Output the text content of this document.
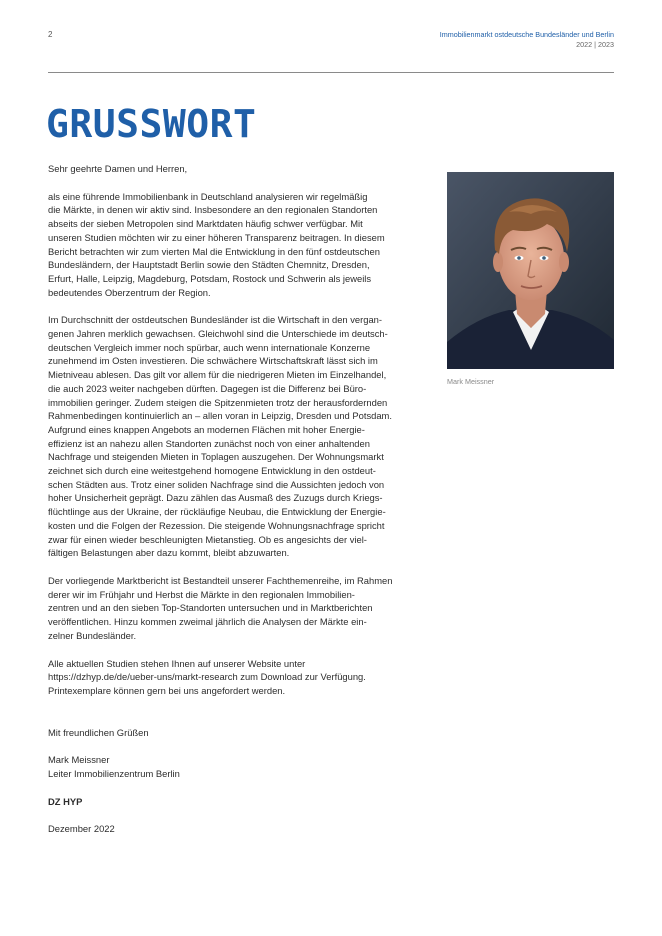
2	Immobilienmarkt ostdeutsche Bundesländer und Berlin
2022 | 2023
GRUSSWORT

Sehr geehrte Damen und Herren,

als eine führende Immobilienbank in Deutschland analysieren wir regelmäßig

die Märkte, in denen wir aktiv sind. Insbesondere an den regionalen Standorten

abseits der sieben Metropolen sind Marktdaten häufig schwer verfügbar. Mit

unseren Studien möchten wir zu einer höheren Transparenz beitragen. In diesem

Bericht betrachten wir zum vierten Mal die Entwicklung in den fünf ostdeutschen

Bundesländern, der Hauptstadt Berlin sowie den Städten Chemnitz, Dresden,

Erfurt, Halle, Leipzig, Magdeburg, Potsdam, Rostock und Schwerin als jeweils

bedeutendes Oberzentrum der Region.

Im Durchschnitt der ostdeutschen Bundesländer ist die Wirtschaft in den vergan-

genen Jahren merklich gewachsen. Gleichwohl sind die Unterschiede im deutsch-

deutschen Vergleich immer noch spürbar, auch wenn internationale Konzerne

zunehmend im Osten investieren. Die schwächere Wirtschaftskraft lässt sich im

Mietniveau ablesen. Das gilt vor allem für die niedrigeren Mieten im Einzelhandel,

die auch 2023 weiter nachgeben dürften. Dagegen ist die Differenz bei Büro-

immobilien geringer. Zudem steigen die Spitzenmieten trotz der herausfordernden

Rahmenbedingen kontinuierlich an – allen voran in Leipzig, Dresden und Potsdam.

Aufgrund eines knappen Angebots an modernen Flächen mit hoher Energie-

effizienz ist an nahezu allen Standorten zunächst noch von einer anhaltenden

Nachfrage und steigenden Mieten in Toplagen auszugehen. Der Wohnungsmarkt

zeichnet sich durch eine weitestgehend homogene Entwicklung in den ostdeut-

schen Städten aus. Trotz einer soliden Nachfrage sind die Aussichten jedoch von

hoher Unsicherheit geprägt. Dazu zählen das Ausmaß des Zuzugs durch Kriegs-

flüchtlinge aus der Ukraine, der rückläufige Neubau, die Entwicklung der Energie-

kosten und die Folgen der Rezession. Die steigende Wohnungsnachfrage spricht

zwar für einen wieder beschleunigten Mietanstieg. Ob es angesichts der viel-

fältigen Belastungen aber dazu kommt, bleibt abzuwarten.

Der vorliegende Marktbericht ist Bestandteil unserer Fachthemenreihe, im Rahmen

derer wir im Frühjahr und Herbst die Märkte in den regionalen Immobilien-

zentren und an den sieben Top-Standorten untersuchen und in Marktberichten

veröffentlichen. Hinzu kommen zweimal jährlich die Analysen der Märkte ein-

zelner Bundesländer.

Alle aktuellen Studien stehen Ihnen auf unserer Website unter

https://dzhyp.de/de/ueber-uns/markt-research zum Download zur Verfügung.

Printexemplare können gern bei uns angefordert werden.

Mit freundlichen Grüßen

Mark Meissner

Leiter Immobilienzentrum Berlin

DZ HYP

Dezember 2022

Mark Meissner
